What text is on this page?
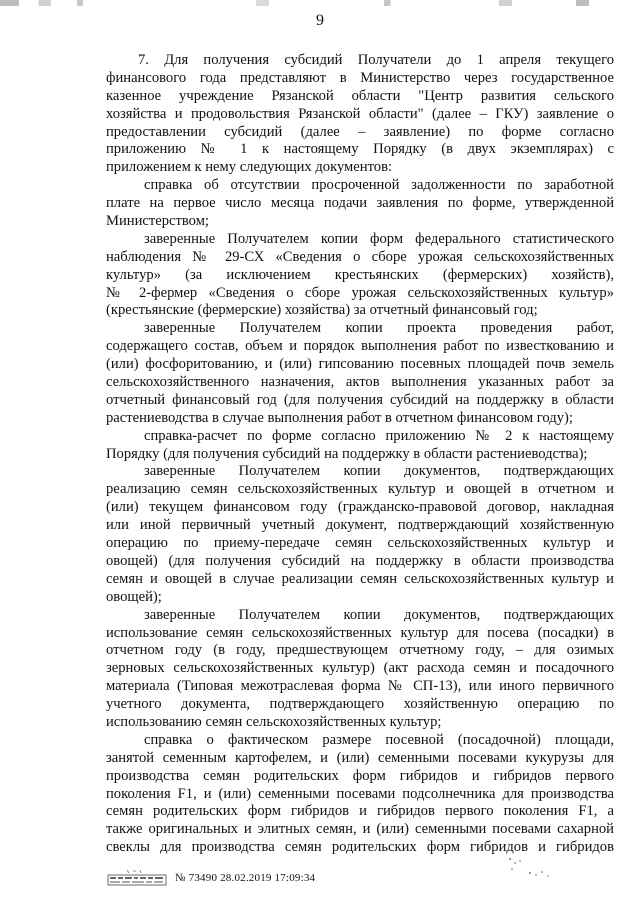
9
7. Для получения субсидий Получатели до 1 апреля текущего
финансового года представляют в Министерство через государственное
казенное учреждение Рязанской области "Центр развития сельского
хозяйства и продовольствия Рязанской области" (далее – ГКУ) заявление о
предоставлении субсидий (далее – заявление) по форме согласно
приложению № 1 к настоящему Порядку (в двух экземплярах) с
приложением к нему следующих документов:
справка об отсутствии просроченной задолженности по заработной
плате на первое число месяца подачи заявления по форме, утвержденной
Министерством;
заверенные Получателем копии форм федерального статистического
наблюдения № 29-СХ «Сведения о сборе урожая сельскохозяйственных
культур» (за исключением крестьянских (фермерских) хозяйств),
№ 2-фермер «Сведения о сборе урожая сельскохозяйственных культур»
(крестьянские (фермерские) хозяйства) за отчетный финансовый год;
заверенные Получателем копии проекта проведения работ,
содержащего состав, объем и порядок выполнения работ по известкованию и
(или) фосфоритованию, и (или) гипсованию посевных площадей почв земель
сельскохозяйственного назначения, актов выполнения указанных работ за
отчетный финансовый год (для получения субсидий на поддержку в области
растениеводства в случае выполнения работ в отчетном финансовом году);
справка-расчет по форме согласно приложению № 2 к настоящему
Порядку (для получения субсидий на поддержку в области растениеводства);
заверенные Получателем копии документов, подтверждающих
реализацию семян сельскохозяйственных культур и овощей в отчетном и
(или) текущем финансовом году (гражданско-правовой договор, накладная
или иной первичный учетный документ, подтверждающий хозяйственную
операцию по приему-передаче семян сельскохозяйственных культур и
овощей) (для получения субсидий на поддержку в области производства
семян и овощей в случае реализации семян сельскохозяйственных культур и
овощей);
заверенные Получателем копии документов, подтверждающих
использование семян сельскохозяйственных культур для посева (посадки) в
отчетном году (в году, предшествующем отчетному году, – для озимых
зерновых сельскохозяйственных культур) (акт расхода семян и посадочного
материала (Типовая межотраслевая форма № СП-13), или иного первичного
учетного документа, подтверждающего хозяйственную операцию по
использованию семян сельскохозяйственных культур;
справка о фактическом размере посевной (посадочной) площади,
занятой семенным картофелем, и (или) семенными посевами кукурузы для
производства семян родительских форм гибридов и гибридов первого
поколения F1, и (или) семенными посевами подсолнечника для производства
семян родительских форм гибридов и гибридов первого поколения F1, а
также оригинальных и элитных семян, и (или) семенными посевами сахарной
свеклы для производства семян родительских форм гибридов и гибридов
№ 73490 28.02.2019 17:09:34
